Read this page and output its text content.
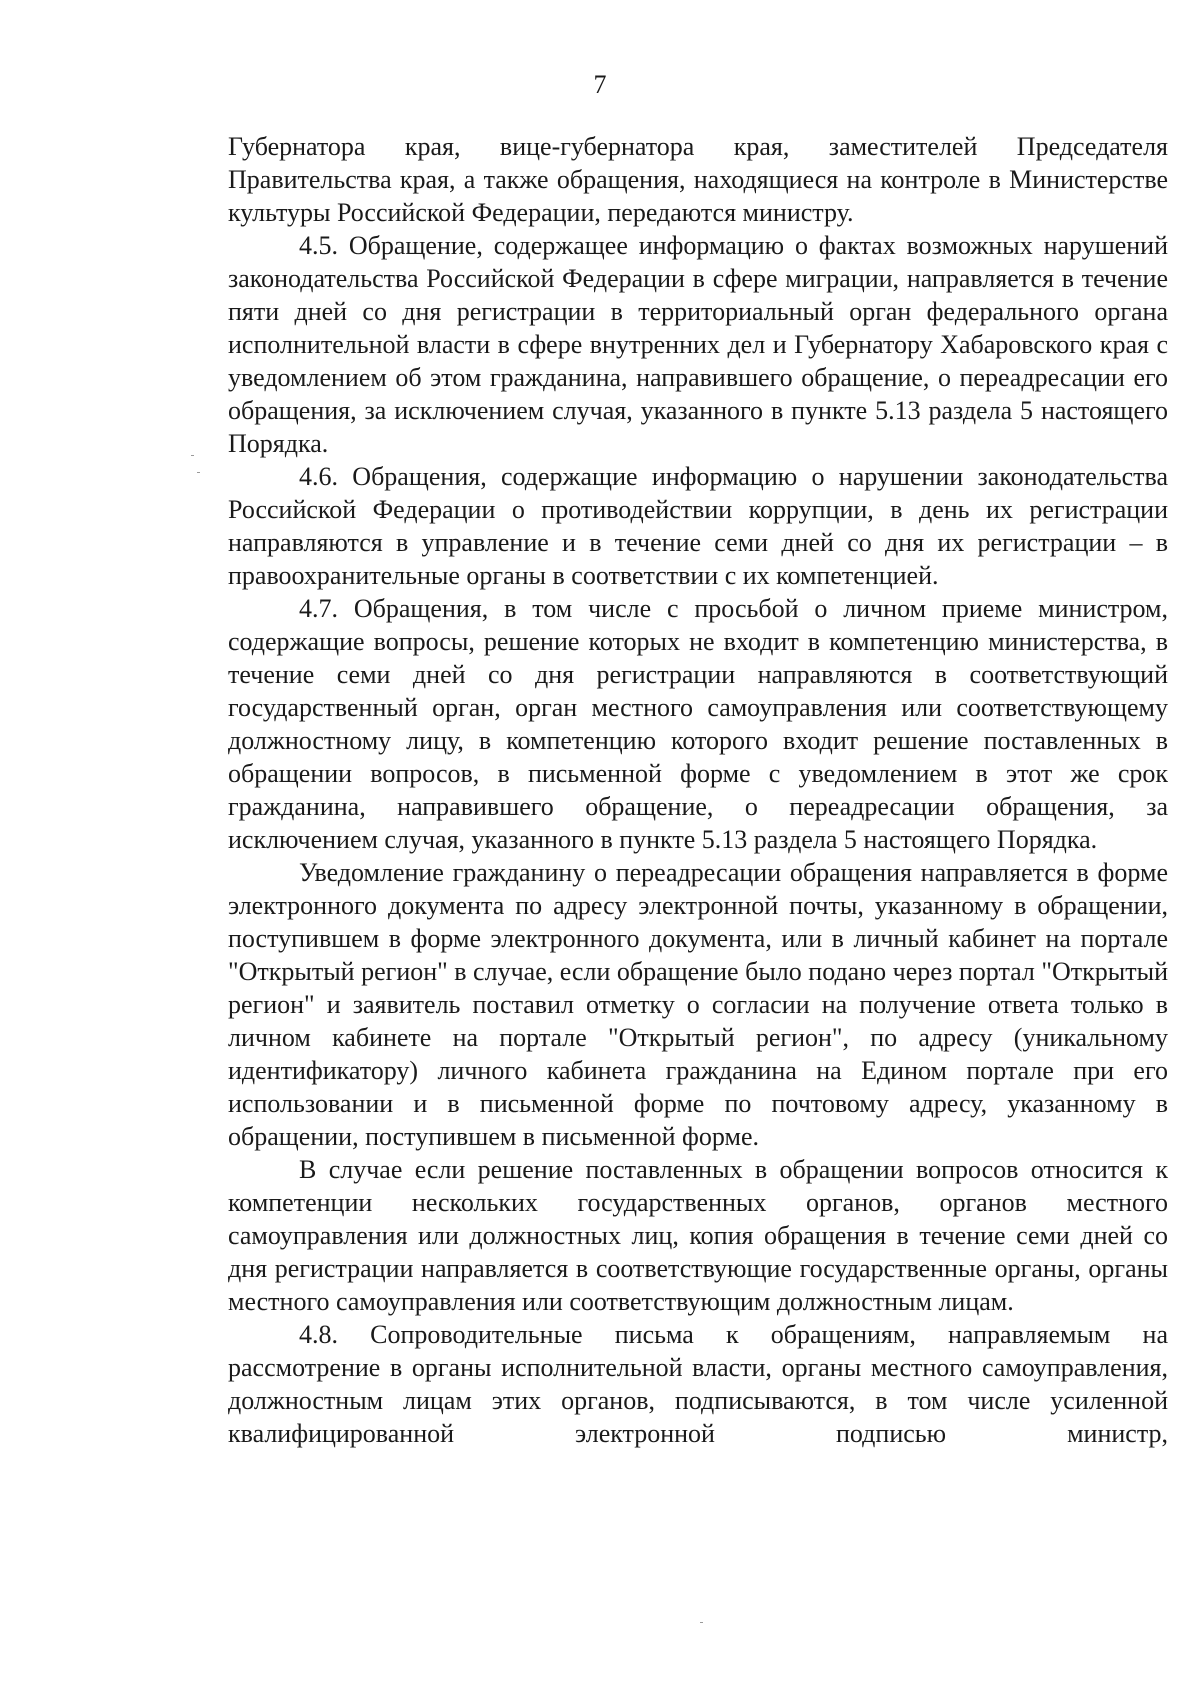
7

Губернатора края, вице-губернатора края, заместителей Председателя Правительства края, а также обращения, находящиеся на контроле в Министерстве культуры Российской Федерации, передаются министру.

4.5. Обращение, содержащее информацию о фактах возможных нарушений законодательства Российской Федерации в сфере миграции, направляется в течение пяти дней со дня регистрации в территориальный орган федерального органа исполнительной власти в сфере внутренних дел и Губернатору Хабаровского края с уведомлением об этом гражданина, направившего обращение, о переадресации его обращения, за исключением случая, указанного в пункте 5.13 раздела 5 настоящего Порядка.

4.6. Обращения, содержащие информацию о нарушении законодательства Российской Федерации о противодействии коррупции, в день их регистрации направляются в управление и в течение семи дней со дня их регистрации – в правоохранительные органы в соответствии с их компетенцией.

4.7. Обращения, в том числе с просьбой о личном приеме министром, содержащие вопросы, решение которых не входит в компетенцию министерства, в течение семи дней со дня регистрации направляются в соответствующий государственный орган, орган местного самоуправления или соответствующему должностному лицу, в компетенцию которого входит решение поставленных в обращении вопросов, в письменной форме с уведомлением в этот же срок гражданина, направившего обращение, о переадресации обращения, за исключением случая, указанного в пункте 5.13 раздела 5 настоящего Порядка.

Уведомление гражданину о переадресации обращения направляется в форме электронного документа по адресу электронной почты, указанному в обращении, поступившем в форме электронного документа, или в личный кабинет на портале "Открытый регион" в случае, если обращение было подано через портал "Открытый регион" и заявитель поставил отметку о согласии на получение ответа только в личном кабинете на портале "Открытый регион", по адресу (уникальному идентификатору) личного кабинета гражданина на Едином портале при его использовании и в письменной форме по почтовому адресу, указанному в обращении, поступившем в письменной форме.

В случае если решение поставленных в обращении вопросов относится к компетенции нескольких государственных органов, органов местного самоуправления или должностных лиц, копия обращения в течение семи дней со дня регистрации направляется в соответствующие государственные органы, органы местного самоуправления или соответствующим должностным лицам.

4.8. Сопроводительные письма к обращениям, направляемым на рассмотрение в органы исполнительной власти, органы местного самоуправления, должностным лицам этих органов, подписываются, в том числе усиленной квалифицированной электронной подписью министр,
